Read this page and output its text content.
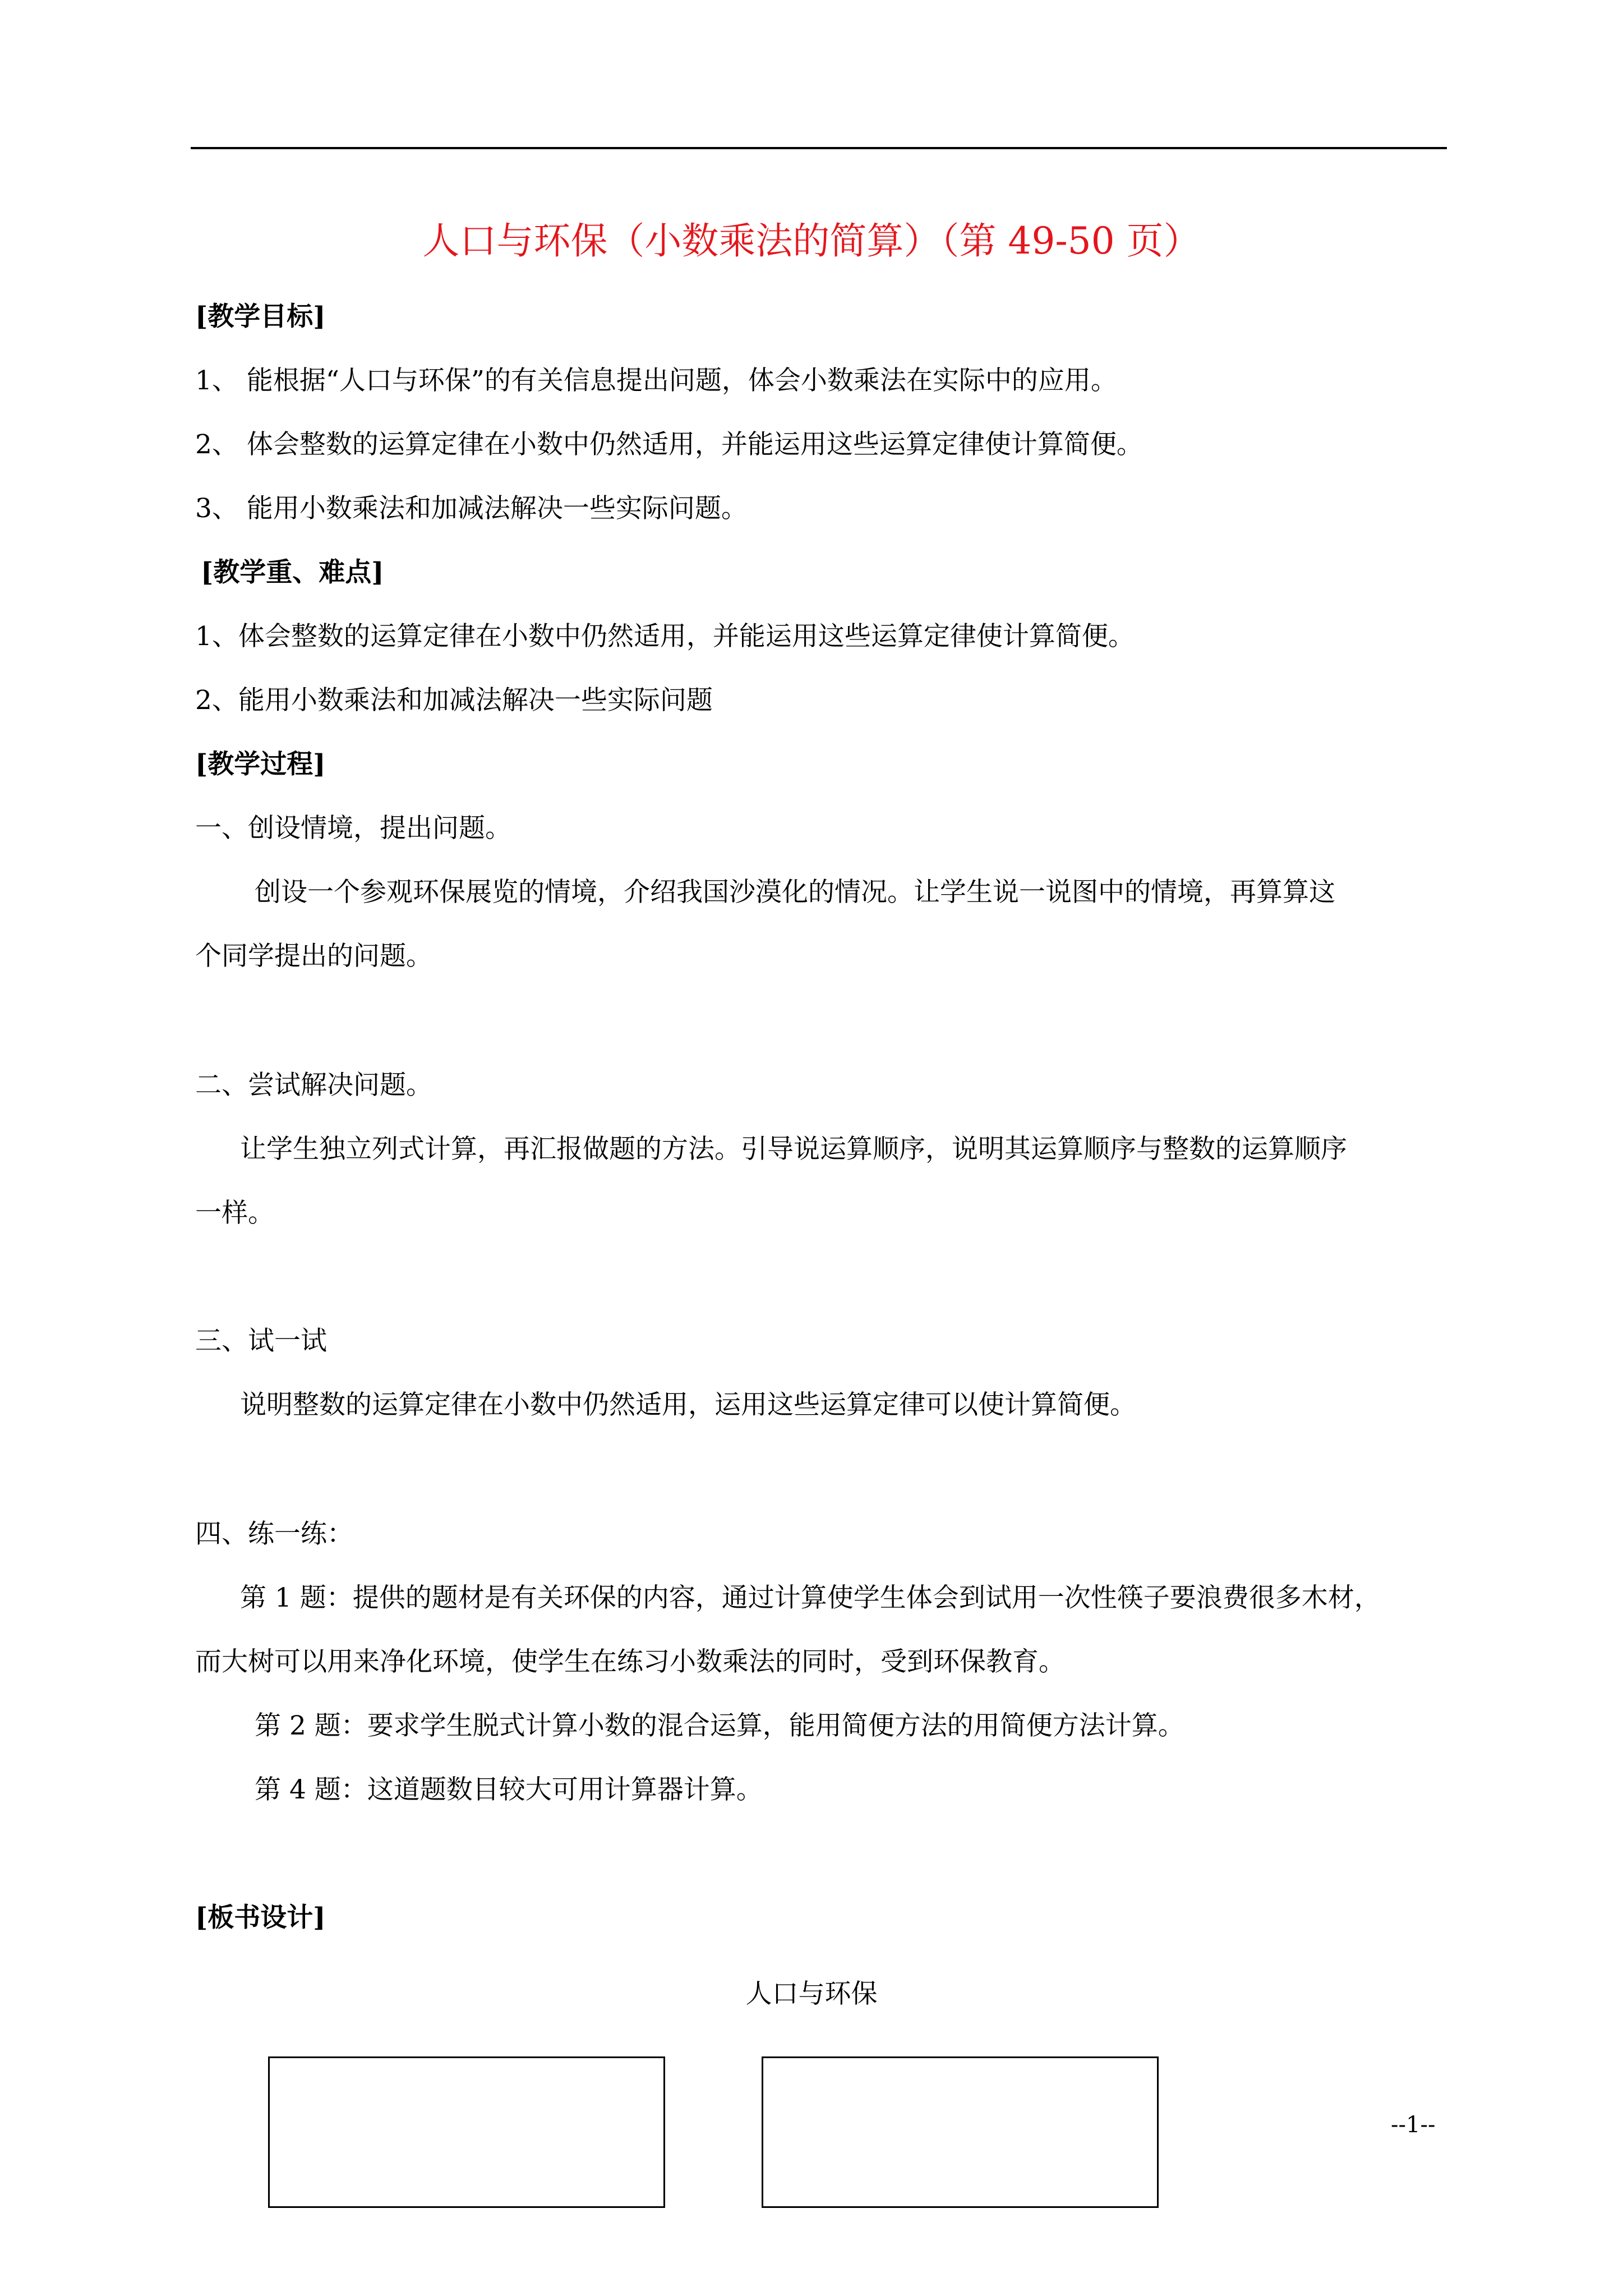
人口与环保（小数乘法的简算）（第 49-50 页）
[教学目标]
1、 能根据“人口与环保”的有关信息提出问题，体会小数乘法在实际中的应用。
2、 体会整数的运算定律在小数中仍然适用，并能运用这些运算定律使计算简便。
3、 能用小数乘法和加减法解决一些实际问题。
[教学重、难点]
1、体会整数的运算定律在小数中仍然适用，并能运用这些运算定律使计算简便。
2、能用小数乘法和加减法解决一些实际问题
[教学过程]
一、创设情境，提出问题。
创设一个参观环保展览的情境，介绍我国沙漠化的情况。让学生说一说图中的情境，再算算这
个同学提出的问题。
二、尝试解决问题。
让学生独立列式计算，再汇报做题的方法。引导说运算顺序，说明其运算顺序与整数的运算顺序
一样。
三、试一试
说明整数的运算定律在小数中仍然适用，运用这些运算定律可以使计算简便。
四、练一练：
第 1 题：提供的题材是有关环保的内容，通过计算使学生体会到试用一次性筷子要浪费很多木材，
而大树可以用来净化环境，使学生在练习小数乘法的同时，受到环保教育。
第 2 题：要求学生脱式计算小数的混合运算，能用简便方法的用简便方法计算。
第 4 题：这道题数目较大可用计算器计算。
[板书设计]
人口与环保
--1--
